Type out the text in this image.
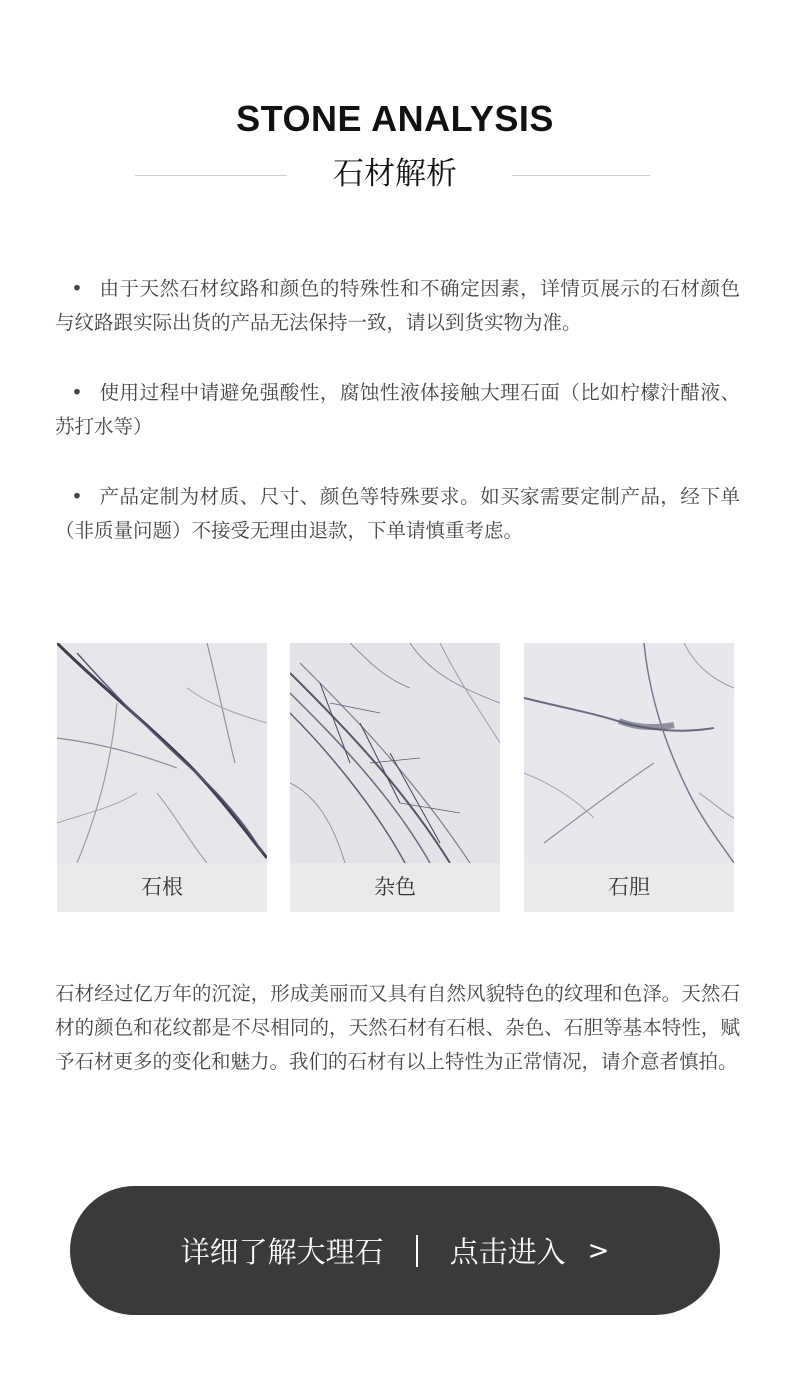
STONE ANALYSIS
石材解析
• 由于天然石材纹路和颜色的特殊性和不确定因素，详情页展示的石材颜色与纹路跟实际出货的产品无法保持一致，请以到货实物为准。
• 使用过程中请避免强酸性，腐蚀性液体接触大理石面（比如柠檬汁醋液、苏打水等）
• 产品定制为材质、尺寸、颜色等特殊要求。如买家需要定制产品，经下单（非质量问题）不接受无理由退款，下单请慎重考虑。
石根	杂色	石胆
石材经过亿万年的沉淀，形成美丽而又具有自然风貌特色的纹理和色泽。天然石材的颜色和花纹都是不尽相同的，天然石材有石根、杂色、石胆等基本特性，赋予石材更多的变化和魅力。我们的石材有以上特性为正常情况，请介意者慎拍。
详细了解大理石 点击进入 >
